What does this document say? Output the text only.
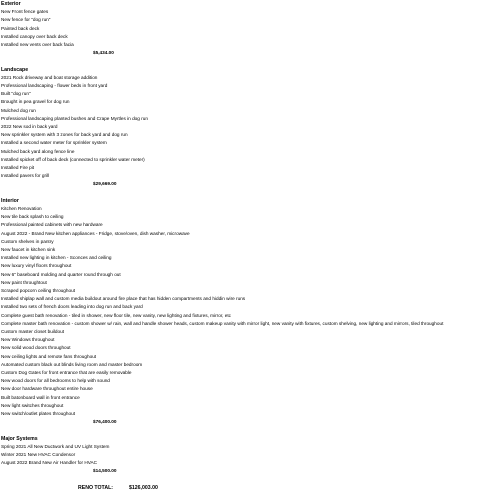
Exterior
New Front fence gates
New fence for "dog run"
Painted back deck
Installed canopy over back deck
Installed new vents over back facia
$5,434.00
Landscape
2021 Rock driveway and boat storage addition
Professional landscaping - flower beds in front yard
Built "dog run"
Brought in pea gravel for dog run
Mulched dog run
Professional landscaping planted bushes and Crape Myrtles in dog run
2022 New sod in back yard
New sprinkler system with 3 zones for back yard and dog run
Installed a second water meter for sprinkler system
Mulched back yard along fence line
Installed spicket off of back deck (connected to sprinkler water meter)
Installed Fire pit
Installed pavers for grill
$29,669.00
Interior
Kitchen Renovation
New tile back splash to ceiling
Professional painted cabinets with new hardware
August 2022 - Brand New kitchen appliances - Fridge, stove/oven, dish washer, microwave
Custom shelves in pantry
New faucet in kitchen sink
Installed new lighting in kitchen - Sconces and ceiling
New luxury vinyl floors throughout
New 6" baseboard molding and quarter round through out
New paint throughtout
Scraped popcorn ceiling throughout
Installed shiplap wall and custom media buildout around fire place that has hidden compartments and hiddin wire runs
Installed two sets of french doors leading into dog run and back yard
Complete guest bath renovation - tiled in shower, new floor tile, new vanity, new lighting and fixtures, mirror, etc
Complete master bath renovation - custom shower w/ rain, wall and handle shower heads, custom makeup vanity with mirror light, new vanity with fixtures, custom shelving, new lighting and mirrors, tiled throughout
Custom master closet buildout
New Windows throughout
New solid wood doors throughout
New ceiling lights and remote fans throughout
Automated custom black out blinds living room and master bedroom
Custom Dog Gates for front entrance that are easily removable
New wood doors for all bedrooms to help with sound
New door hardware throughout entire house
Built batonboard wall in front entrance
New light switches throughout
New switch/outlet plates throughout
$76,400.00
Major Systems
Spring 2021 All New Ductwork and UV Light System
Winter 2021 New HVAC Condensor
August 2022 Brand New Air Handler for HVAC
$14,500.00
RENO TOTAL:	$126,003.00
